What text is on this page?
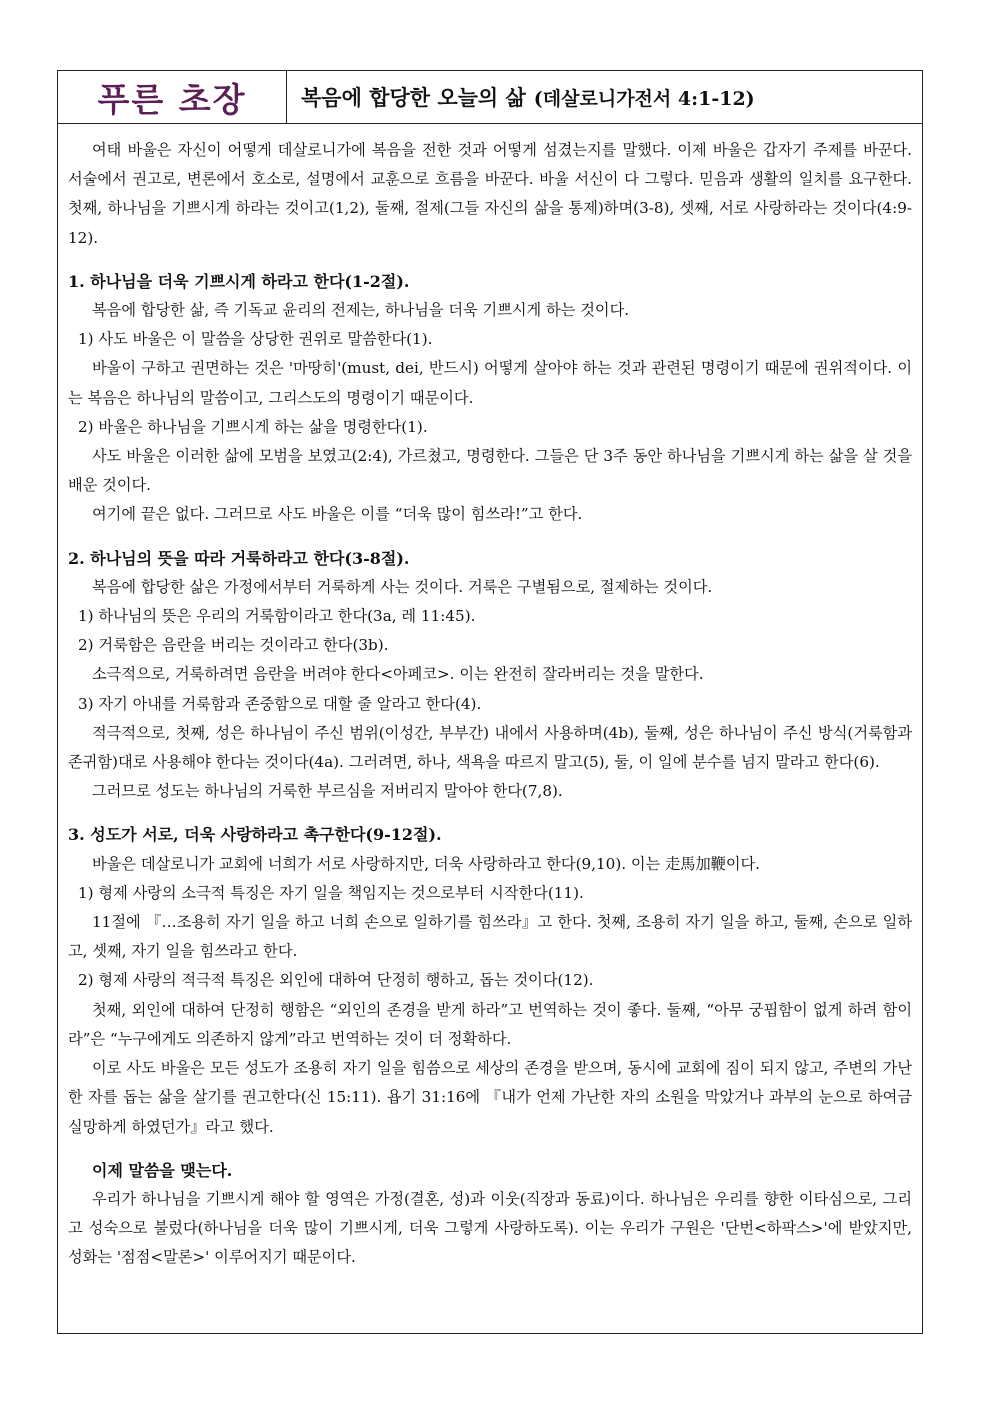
푸른 초장	복음에 합당한 오늘의 삶 (데살로니가전서 4:1-12)

여태 바울은 자신이 어떻게 데살로니가에 복음을 전한 것과 어떻게 섬겼는지를 말했다. 이제 바울은 갑자기 주제를 바꾼다. 서술에서 권고로, 변론에서 호소로, 설명에서 교훈으로 흐름을 바꾼다. 바울 서신이 다 그렇다. 믿음과 생활의 일치를 요구한다. 첫째, 하나님을 기쁘시게 하라는 것이고(1,2), 둘째, 절제(그들 자신의 삶을 통제)하며(3-8), 셋째, 서로 사랑하라는 것이다(4:9-12).

1. 하나님을 더욱 기쁘시게 하라고 한다(1-2절).

복음에 합당한 삶, 즉 기독교 윤리의 전제는, 하나님을 더욱 기쁘시게 하는 것이다.

1) 사도 바울은 이 말씀을 상당한 권위로 말씀한다(1).

바울이 구하고 권면하는 것은 '마땅히'(must, dei, 반드시) 어떻게 살아야 하는 것과 관련된 명령이기 때문에 권위적이다. 이는 복음은 하나님의 말씀이고, 그리스도의 명령이기 때문이다.

2) 바울은 하나님을 기쁘시게 하는 삶을 명령한다(1).

사도 바울은 이러한 삶에 모범을 보였고(2:4), 가르쳤고, 명령한다. 그들은 단 3주 동안 하나님을 기쁘시게 하는 삶을 살 것을 배운 것이다.

여기에 끝은 없다. 그러므로 사도 바울은 이를 “더욱 많이 힘쓰라!”고 한다.

2. 하나님의 뜻을 따라 거룩하라고 한다(3-8절).

복음에 합당한 삶은 가정에서부터 거룩하게 사는 것이다. 거룩은 구별됨으로, 절제하는 것이다.

1) 하나님의 뜻은 우리의 거룩함이라고 한다(3a, 레 11:45).

2) 거룩함은 음란을 버리는 것이라고 한다(3b).

소극적으로, 거룩하려면 음란을 버려야 한다<아페코>. 이는 완전히 잘라버리는 것을 말한다.

3) 자기 아내를 거룩함과 존중함으로 대할 줄 알라고 한다(4).

적극적으로, 첫째, 성은 하나님이 주신 범위(이성간, 부부간) 내에서 사용하며(4b), 둘째, 성은 하나님이 주신 방식(거룩함과 존귀함)대로 사용해야 한다는 것이다(4a). 그러려면, 하나, 색욕을 따르지 말고(5), 둘, 이 일에 분수를 넘지 말라고 한다(6).

그러므로 성도는 하나님의 거룩한 부르심을 저버리지 말아야 한다(7,8).

3. 성도가 서로, 더욱 사랑하라고 촉구한다(9-12절).

바울은 데살로니가 교회에 너희가 서로 사랑하지만, 더욱 사랑하라고 한다(9,10). 이는 走馬加鞭이다.

1) 형제 사랑의 소극적 특징은 자기 일을 책임지는 것으로부터 시작한다(11).

11절에 『…조용히 자기 일을 하고 너희 손으로 일하기를 힘쓰라』고 한다. 첫째, 조용히 자기 일을 하고, 둘째, 손으로 일하고, 셋째, 자기 일을 힘쓰라고 한다.

2) 형제 사랑의 적극적 특징은 외인에 대하여 단정히 행하고, 돕는 것이다(12).

첫째, 외인에 대하여 단정히 행함은 “외인의 존경을 받게 하라”고 번역하는 것이 좋다. 둘째, “아무 궁핍함이 없게 하려 함이라”은 “누구에게도 의존하지 않게”라고 번역하는 것이 더 정확하다.

이로 사도 바울은 모든 성도가 조용히 자기 일을 힘씀으로 세상의 존경을 받으며, 동시에 교회에 짐이 되지 않고, 주변의 가난한 자를 돕는 삶을 살기를 권고한다(신 15:11). 욥기 31:16에 『내가 언제 가난한 자의 소원을 막았거나 과부의 눈으로 하여금 실망하게 하였던가』라고 했다.

이제 말씀을 맺는다.

우리가 하나님을 기쁘시게 해야 할 영역은 가정(결혼, 성)과 이웃(직장과 동료)이다. 하나님은 우리를 향한 이타심으로, 그리고 성숙으로 불렀다(하나님을 더욱 많이 기쁘시게, 더욱 그렇게 사랑하도록). 이는 우리가 구원은 '단번<하팍스>'에 받았지만, 성화는 '점점<말론>' 이루어지기 때문이다.
